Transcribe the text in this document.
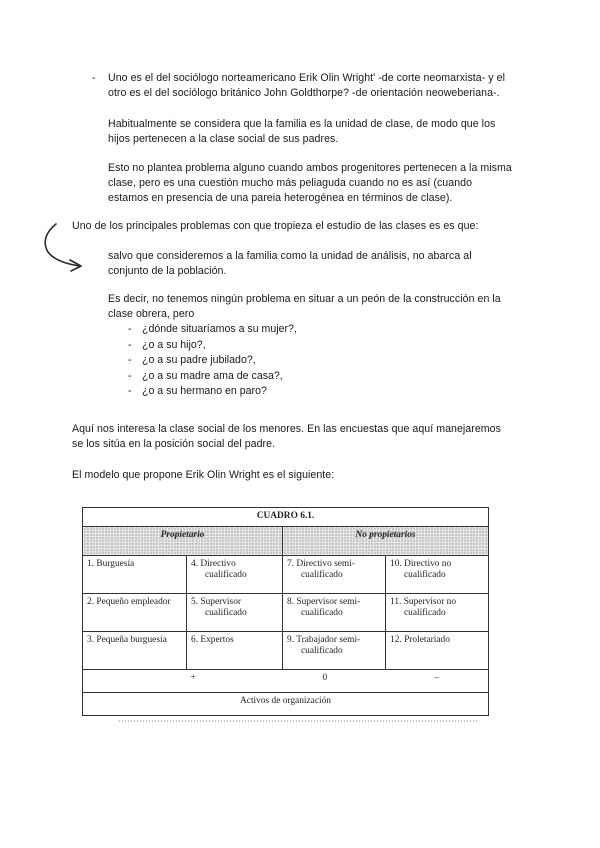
- Uno es el del sociólogo norteamericano Erik Olin Wright' -de corte neomarxista- y el
otro es el del sociólogo británico John Goldthorpe? -de orientación neoweberiana-.
Habitualmente se considera que la familia es la unidad de clase, de modo que los
hijos pertenecen a la clase social de sus padres.
Esto no plantea problema alguno cuando ambos progenitores pertenecen a la misma
clase, pero es una cuestión mucho más peliaguda cuando no es así (cuando
estamos en presencia de una pareia heterogénea en términos de clase).
Uno de los principales problemas con que tropieza el estudio de las clases es es que:
salvo que consideremos a la familia como la unidad de análisis, no abarca al
conjunto de la población.
Es decir, no tenemos ningún problema en situar a un peón de la construcción en la
clase obrera, pero
- ¿dónde situaríamos a su mujer?,
- ¿o a su hijo?,
- ¿o a su padre jubilado?,
- ¿o a su madre ama de casa?,
- ¿o a su hermano en paro?
Aquí nos interesa la clase social de los menores. En las encuestas que aquí manejaremos
se los sitúa en la posición social del padre.
El modelo que propone Erik Olin Wright es el siguiente:
CUADRO 6.1.			
Propietario		No propietarios	

1. Burguesía	4. Directivo cualificado	7. Directivo semi-cualificado	10. Directivo no cualificado

2. Pequeño empleador	5. Supervisor cualificado	8. Supervisor semi-cualificado	11. Supervisor no cualificado

3. Pequeña burguesía	6. Expertos	9. Trabajador semi-cualificado	12. Proletariado

	+	0	–
Activos de organización			
